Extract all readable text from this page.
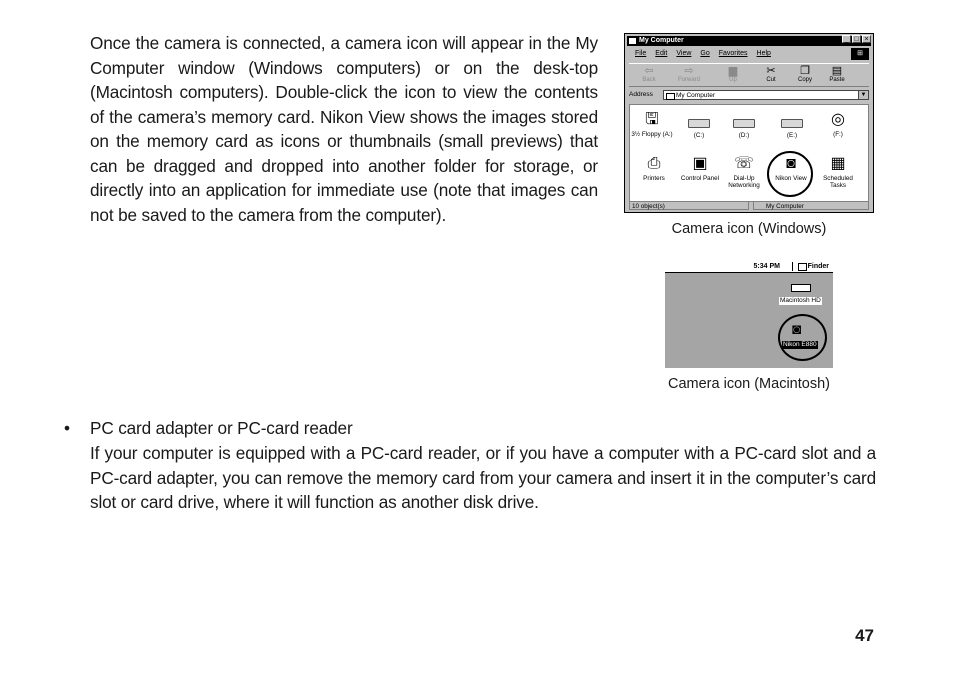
Once the camera is connected, a camera icon will appear in the My Computer window (Windows computers) or on the desk-top (Macintosh computers). Double-click the icon to view the contents of the camera’s memory card. Nikon View shows the images stored on the memory card as icons or thumbnails (small previews) that can be dragged and dropped into another folder for storage, or directly into an application for immediate use (note that images can not be saved to the camera from the computer).

My Computer	_ □ ×
File Edit View Go Favorites Help	⊞
⇦
Back
⇨
Forward
▆
Up
✂
Cut
❐
Copy
▤
Paste
Address	My Computer	▼
🖫
3½ Floppy (A:)	(C:)	(D:)	(E:)
◎
(F:)
⎙
Printers
▣
Control Panel
☏
Dial-Up Networking
◙
Nikon View
▦
Scheduled Tasks
10 object(s)	My Computer
Camera icon (Windows)
5:34 PM	Finder
Macintosh HD
◙
Nikon E880
Camera icon (Macintosh)
• PC card adapter or PC-card reader

If your computer is equipped with a PC-card reader, or if you have a computer with a PC-card slot and a PC-card adapter, you can remove the memory card from your camera and insert it in the computer’s card slot or card drive, where it will function as another disk drive.

47
